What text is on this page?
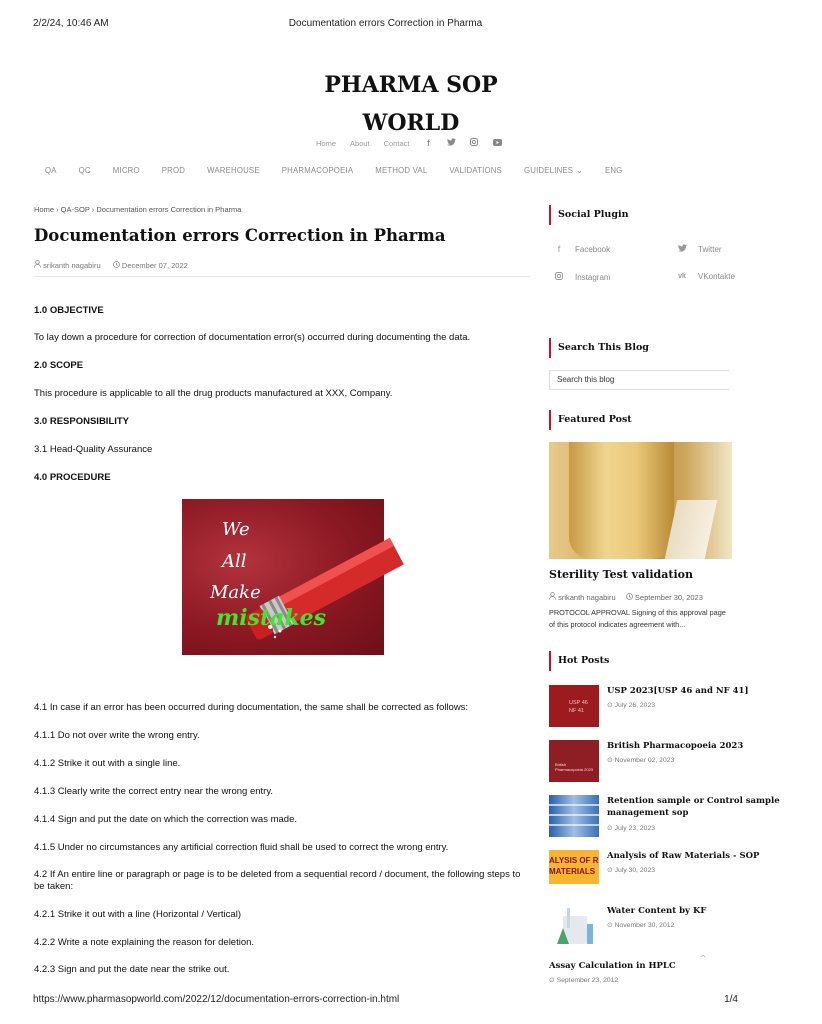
2/2/24, 10:46 AM	Documentation errors Correction in Pharma
PHARMA SOP
WORLD
Home About Contact	f
QA	QC	MICRO	PROD	WAREHOUSE	PHARMACOPOEIA	METHOD VAL	VALIDATIONS	GUIDELINES ⌄	ENG
Home › QA-SOP › Documentation errors Correction in Pharma
Documentation errors Correction in Pharma
srikanth nagabiru	December 07, 2022
1.0 OBJECTIVE
To lay down a procedure for correction of documentation error(s) occurred during documenting the data.
2.0 SCOPE
This procedure is applicable to all the drug products manufactured at XXX, Company.
3.0 RESPONSIBILITY
3.1 Head-Quality Assurance
4.0 PROCEDURE
We
All
Make
mistakes
4.1 In case if an error has been occurred during documentation, the same shall be corrected as follows:
4.1.1 Do not over write the wrong entry.
4.1.2 Strike it out with a single line.
4.1.3 Clearly write the correct entry near the wrong entry.
4.1.4 Sign and put the date on which the correction was made.
4.1.5 Under no circumstances any artificial correction fluid shall be used to correct the wrong entry.
4.2 If An entire line or paragraph or page is to be deleted from a sequential record / document, the following steps to be taken:
4.2.1 Strike it out with a line (Horizontal / Vertical)
4.2.2 Write a note explaining the reason for deletion.
4.2.3 Sign and put the date near the strike out.
Social Plugin
f	Facebook	Twitter
Instagram	vk VKontakte
Search This Blog
Search this blog
Featured Post
Sterility Test validation
srikanth nagabiru	September 30, 2023
PROTOCOL APPROVAL Signing of this approval page of this protocol indicates agreement with...
Hot Posts
USP 46 NF 41
USP 2023[USP 46 and NF 41]
⊙ July 26, 2023
British Pharmacopoeia 2023
British Pharmacopoeia 2023
⊙ November 02, 2023
Retention sample or Control sample
management sop
⊙ July 23, 2023
ALYSIS OF R MATERIALS
Analysis of Raw Materials - SOP
⊙ July 30, 2023
Water Content by KF
⊙ November 30, 2012
Assay Calculation in HPLC
⊙ September 23, 2012
⌃
https://www.pharmasopworld.com/2022/12/documentation-errors-correction-in.html	1/4
